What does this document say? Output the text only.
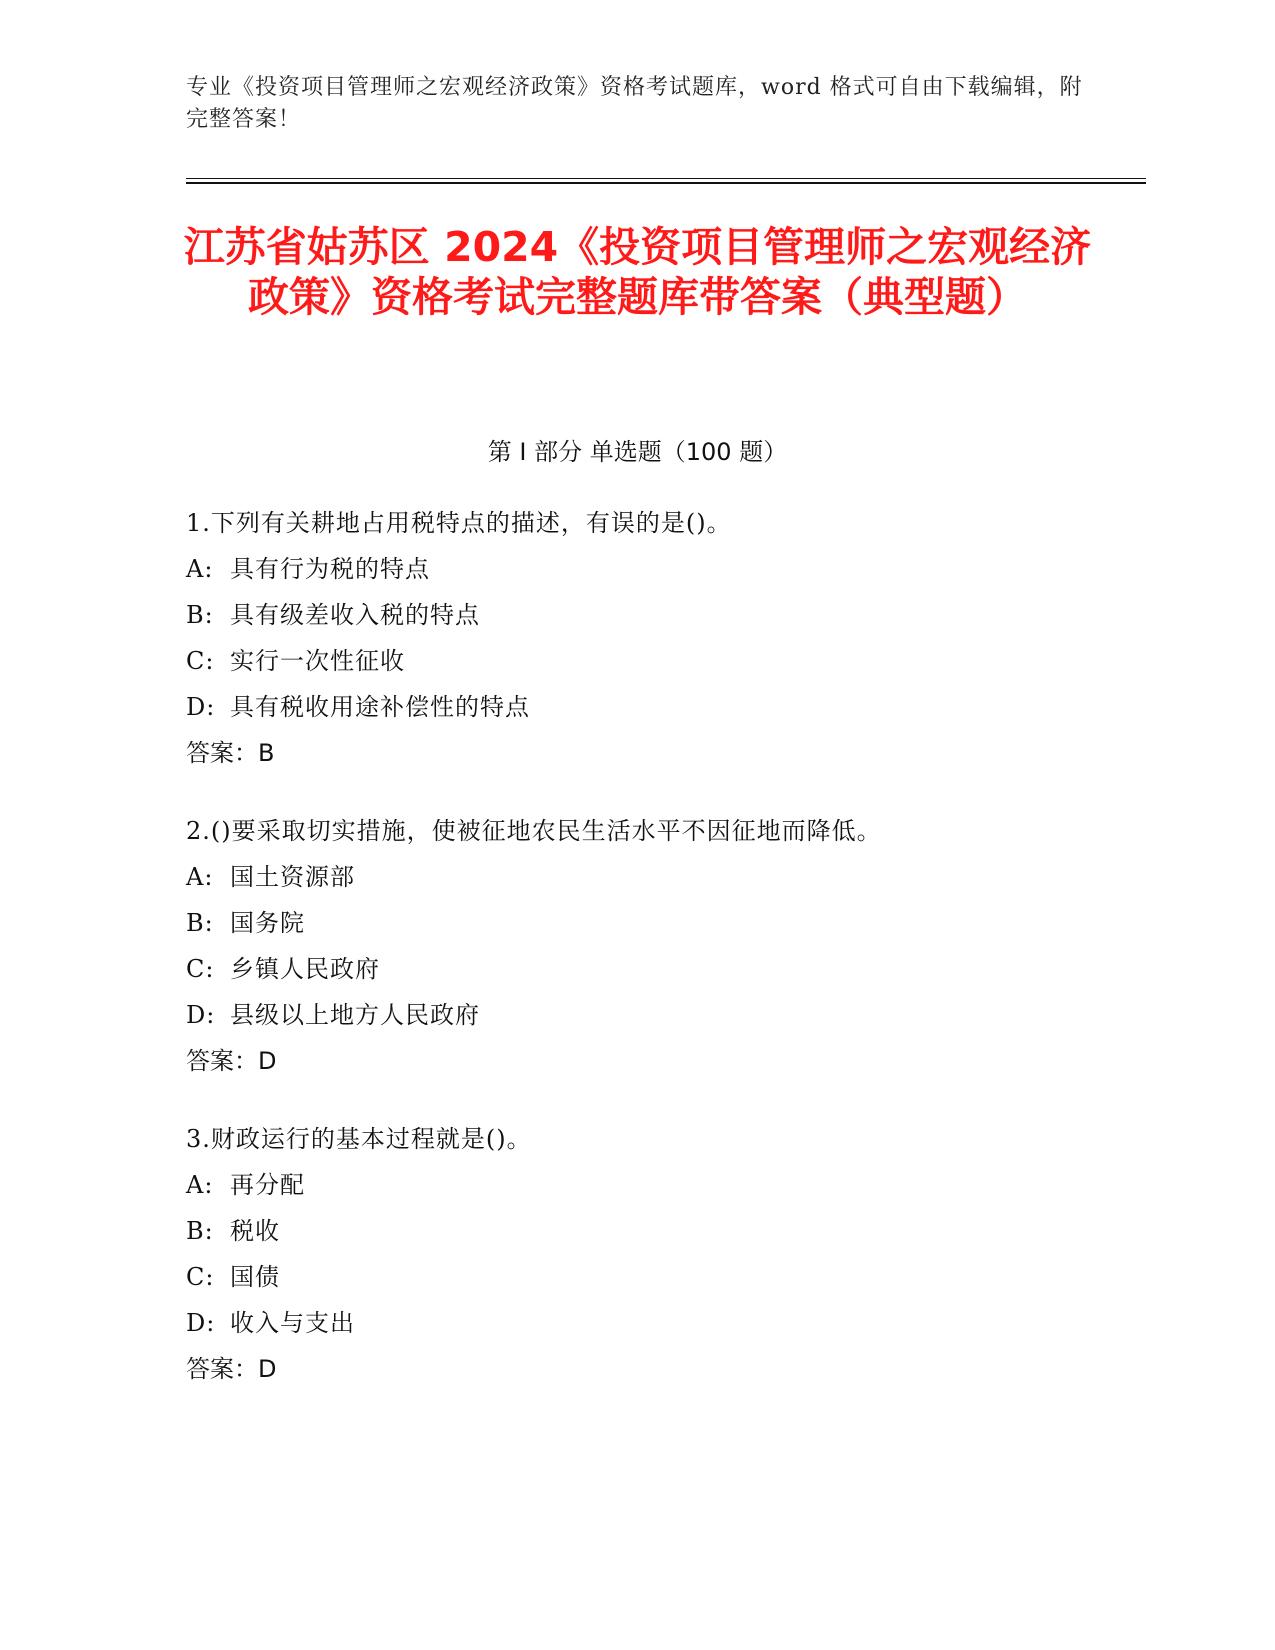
专业《投资项目管理师之宏观经济政策》资格考试题库，word 格式可自由下载编辑，附完整答案！
江苏省姑苏区 2024《投资项目管理师之宏观经济政策》资格考试完整题库带答案（典型题）
第 I 部分 单选题（100 题）
1.下列有关耕地占用税特点的描述，有误的是()。
A: 具有行为税的特点
B: 具有级差收入税的特点
C: 实行一次性征收
D: 具有税收用途补偿性的特点
答案：B
2.()要采取切实措施，使被征地农民生活水平不因征地而降低。
A: 国土资源部
B: 国务院
C: 乡镇人民政府
D: 县级以上地方人民政府
答案：D
3.财政运行的基本过程就是()。
A: 再分配
B: 税收
C: 国债
D: 收入与支出
答案：D
